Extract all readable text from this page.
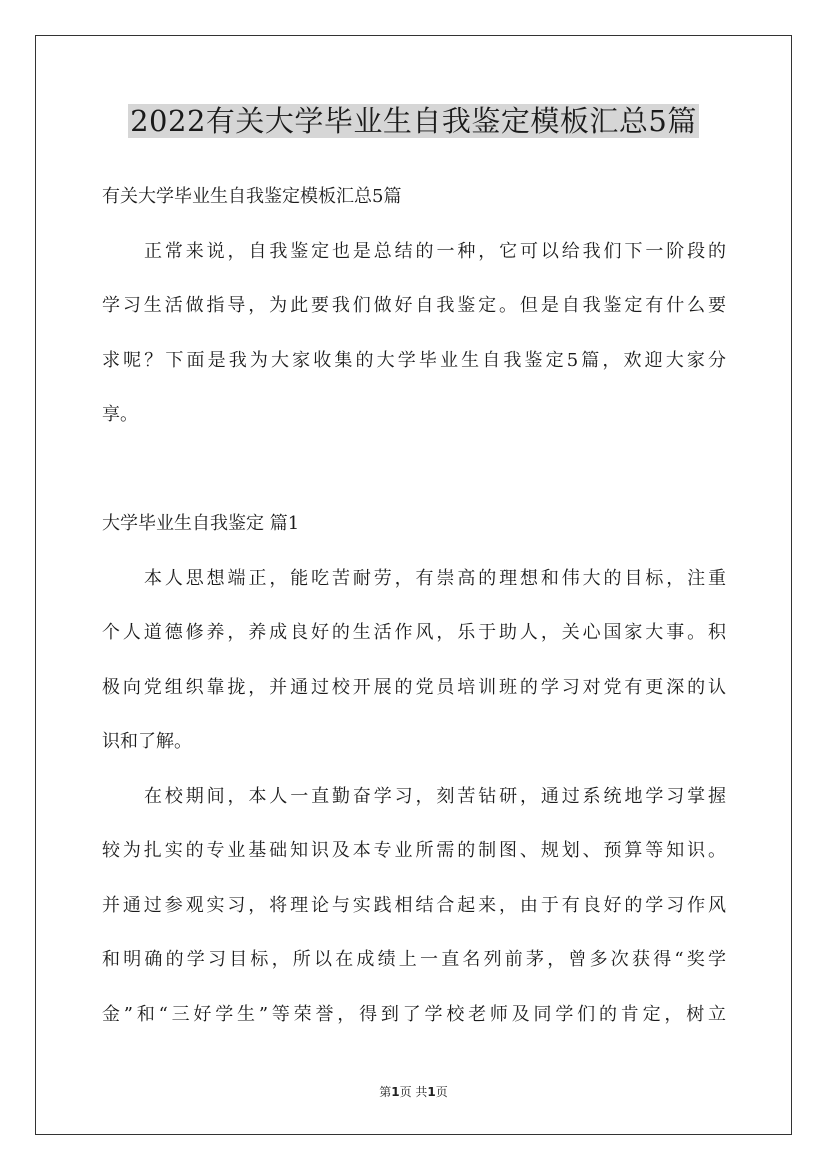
2022有关大学毕业生自我鉴定模板汇总5篇
有关大学毕业生自我鉴定模板汇总5篇
正常来说，自我鉴定也是总结的一种，它可以给我们下一阶段的
学习生活做指导，为此要我们做好自我鉴定。但是自我鉴定有什么要
求呢？下面是我为大家收集的大学毕业生自我鉴定5篇，欢迎大家分
享。
大学毕业生自我鉴定 篇1
本人思想端正，能吃苦耐劳，有崇高的理想和伟大的目标，注重
个人道德修养，养成良好的生活作风，乐于助人，关心国家大事。积
极向党组织靠拢，并通过校开展的党员培训班的学习对党有更深的认
识和了解。
在校期间，本人一直勤奋学习，刻苦钻研，通过系统地学习掌握
较为扎实的专业基础知识及本专业所需的制图、规划、预算等知识。
并通过参观实习，将理论与实践相结合起来，由于有良好的学习作风
和明确的学习目标，所以在成绩上一直名列前茅，曾多次获得“奖学
金”和“三好学生”等荣誉，得到了学校老师及同学们的肯定，树立
第1页 共1页
